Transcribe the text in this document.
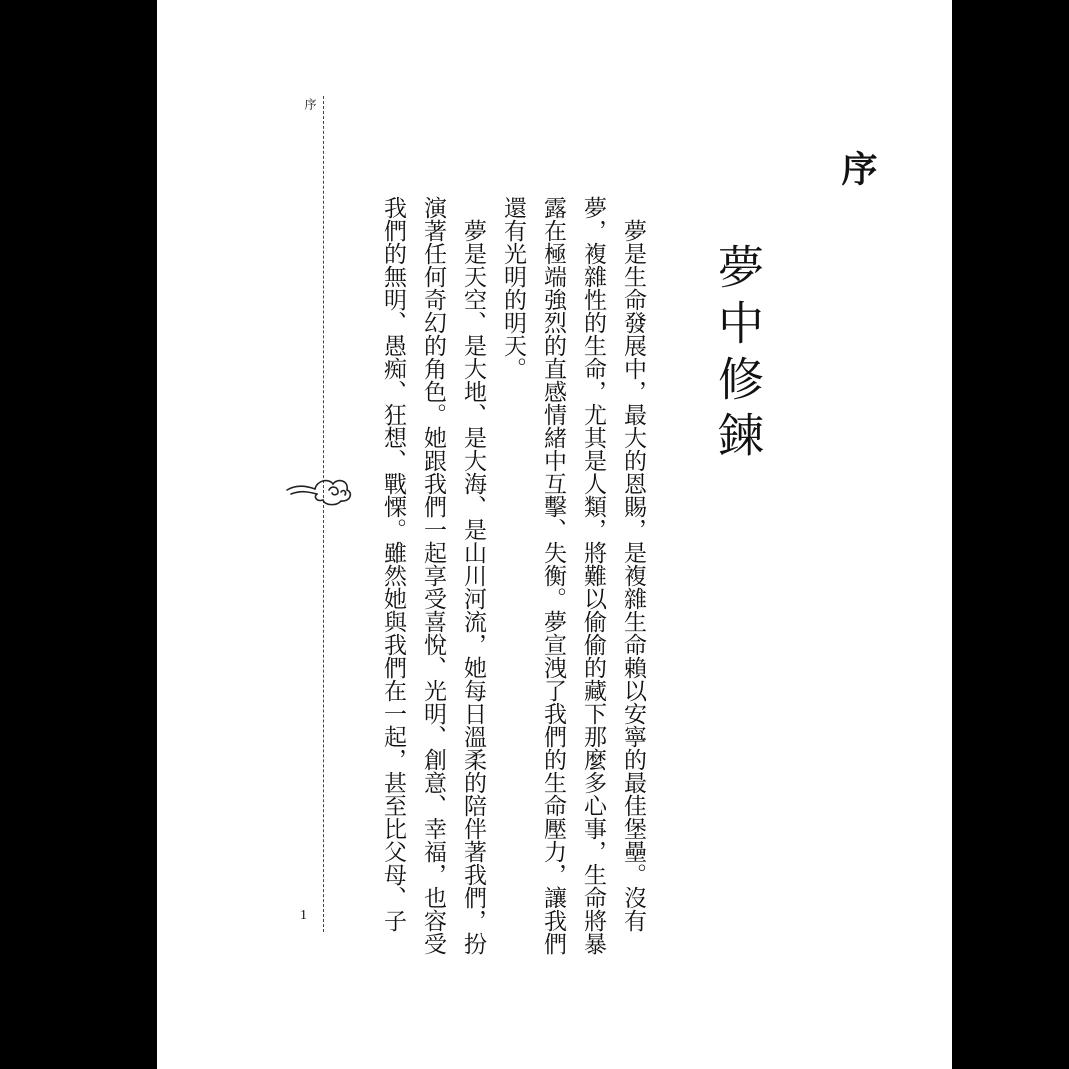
序
夢中修鍊

夢是生命發展中，最大的恩賜，是複雜生命賴以安寧的最佳堡壘。沒有夢，複雜性的生命，尤其是人類，將難以偷偷的藏下那麼多心事，生命將暴露在極端強烈的直感情緒中互擊、失衡。夢宣洩了我們的生命壓力，讓我們還有光明的明天。

夢是天空、是大地、是大海、是山川河流，她每日溫柔的陪伴著我們，扮演著任何奇幻的角色。她跟我們一起享受喜悅、光明、創意、幸福，也容受我們的無明、愚痴、狂想、戰慄。雖然她與我們在一起，甚至比父母、子

序
1
